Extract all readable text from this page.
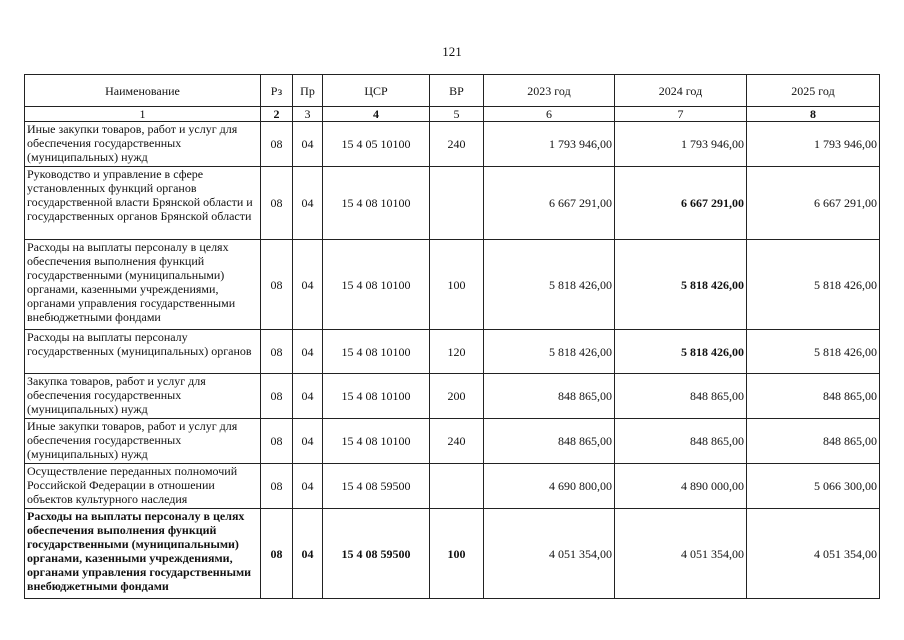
121
Наименование	Рз	Пр	ЦСР	ВР	2023 год	2024 год	2025 год
1	2	3	4	5	6	7	8
Иные закупки товаров, работ и услуг для обеспечения государственных (муниципальных) нужд	08	04	15 4 05 10100	240	1 793 946,00	1 793 946,00	1 793 946,00
Руководство и управление в сфере установленных функций органов государственной власти Брянской области и государственных органов Брянской области	08	04	15 4 08 10100		6 667 291,00	6 667 291,00	6 667 291,00
Расходы на выплаты персоналу в целях обеспечения выполнения функций государственными (муниципальными) органами, казенными учреждениями, органами управления государственными внебюджетными фондами	08	04	15 4 08 10100	100	5 818 426,00	5 818 426,00	5 818 426,00
Расходы на выплаты персоналу государственных (муниципальных) органов	08	04	15 4 08 10100	120	5 818 426,00	5 818 426,00	5 818 426,00
Закупка товаров, работ и услуг для обеспечения государственных (муниципальных) нужд	08	04	15 4 08 10100	200	848 865,00	848 865,00	848 865,00
Иные закупки товаров, работ и услуг для обеспечения государственных (муниципальных) нужд	08	04	15 4 08 10100	240	848 865,00	848 865,00	848 865,00
Осуществление переданных полномочий Российской Федерации в отношении объектов культурного наследия	08	04	15 4 08 59500		4 690 800,00	4 890 000,00	5 066 300,00
Расходы на выплаты персоналу в целях обеспечения выполнения функций государственными (муниципальными) органами, казенными учреждениями, органами управления государственными внебюджетными фондами	08	04	15 4 08 59500	100	4 051 354,00	4 051 354,00	4 051 354,00
